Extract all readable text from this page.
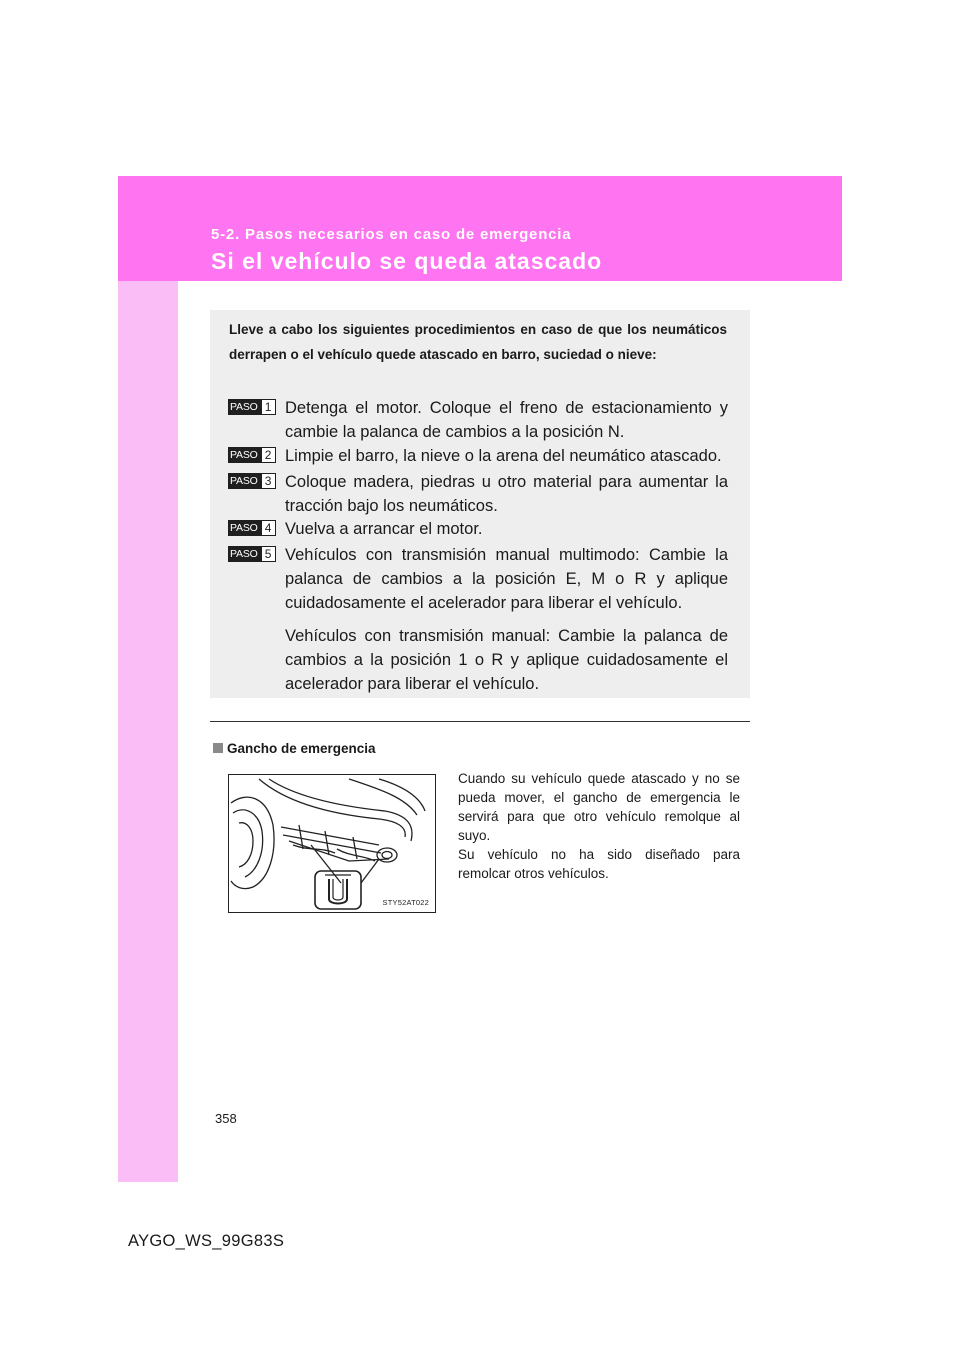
5-2. Pasos necesarios en caso de emergencia
Si el vehículo se queda atascado

Lleve a cabo los siguientes procedimientos en caso de que los neumáticos derrapen o el vehículo quede atascado en barro, suciedad o nieve:

PASO 1 Detenga el motor. Coloque el freno de estacionamiento y cambie la palanca de cambios a la posición N.

PASO 2 Limpie el barro, la nieve o la arena del neumático atascado.

PASO 3 Coloque madera, piedras u otro material para aumentar la tracción bajo los neumáticos.

PASO 4 Vuelva a arrancar el motor.

PASO 5 Vehículos con transmisión manual multimodo: Cambie la palanca de cambios a la posición E, M o R y aplique cuidadosamente el acelerador para liberar el vehículo.

Vehículos con transmisión manual: Cambie la palanca de cambios a la posición 1 o R y aplique cuidadosamente el acelerador para liberar el vehículo.

Gancho de emergencia
STY52AT022

Cuando su vehículo quede atascado y no se pueda mover, el gancho de emergencia le servirá para que otro vehículo remolque al suyo.
Su vehículo no ha sido diseñado para remolcar otros vehículos.

358
AYGO_WS_99G83S
